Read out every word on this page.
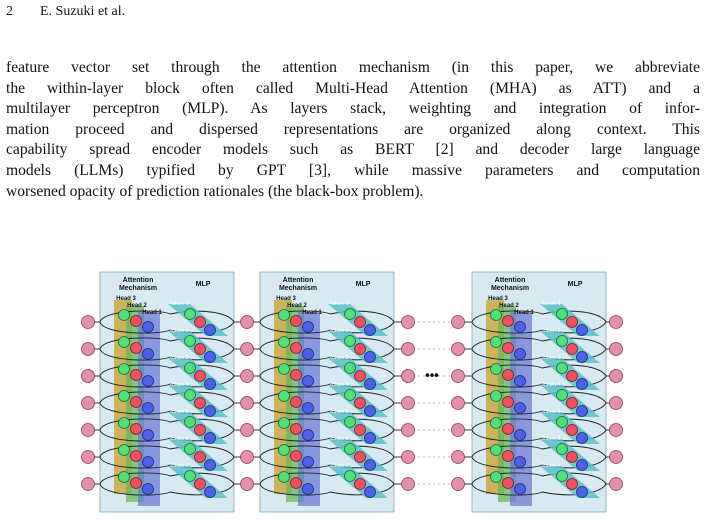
2 E. Suzuki et al.
feature vector set through the attention mechanism (in this paper, we abbreviate
the within-layer block often called Multi-Head Attention (MHA) as ATT) and a
multilayer perceptron (MLP). As layers stack, weighting and integration of infor-
mation proceed and dispersed representations are organized along context. This
capability spread encoder models such as BERT [2] and decoder large language
models (LLMs) typified by GPT [3], while massive parameters and computation
worsened opacity of prediction rationales (the black-box problem).
•••
Attention
Mechanism
MLP
Head 3
Head 2
Head 1
Token 1
Token 2
Token 3
Token 4
Token 5
Token 6
Token 7
Attention
Mechanism
MLP
Head 3
Head 2
Head 1
Token 1
Token 2
Token 3
Token 4
Token 5
Token 6
Token 7
Attention
Mechanism
MLP
Head 3
Head 2
Head 1
Token 1
Token 2
Token 3
Token 4
Token 5
Token 6
Token 7
